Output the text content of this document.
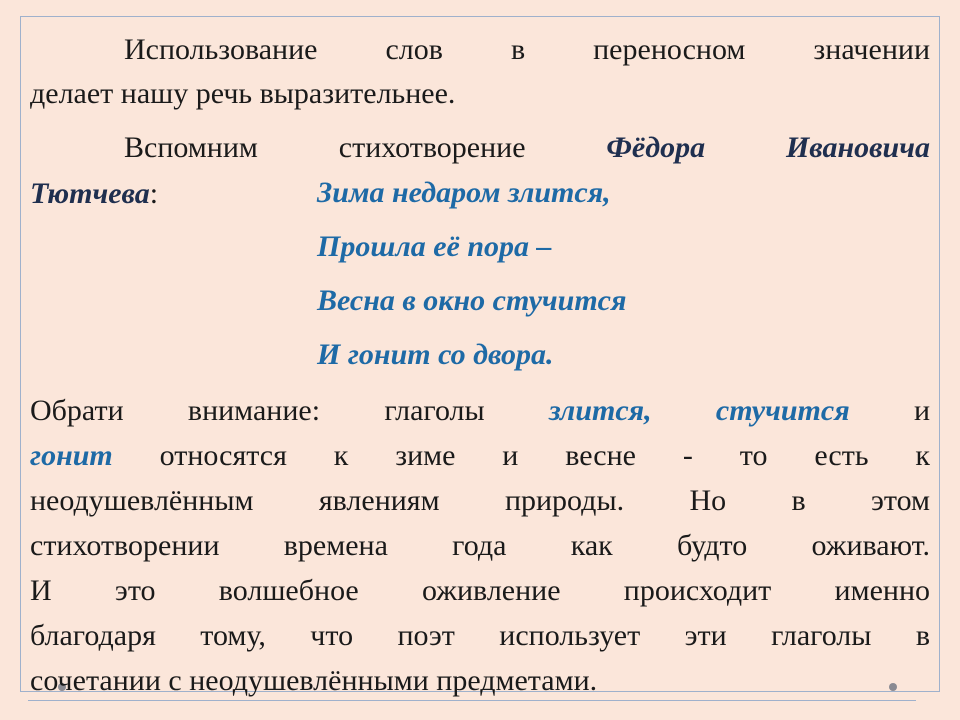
Использование слов в переносном значении
делает нашу речь выразительнее.
Вспомним стихотворение	Фёдора Ивановича
Тютчева:	Зима недаром злится,
Прошла её пора –
Весна в окно стучится
И гонит со двора.
Обрати внимание: глаголы злится, стучится и
гонит относятся к зиме и весне - то есть к
неодушевлённым явлениям природы. Но в этом
стихотворении времена года как будто оживают.
И это волшебное оживление происходит именно
благодаря тому, что поэт использует эти глаголы в
сочетании с неодушевлёнными предметами.
